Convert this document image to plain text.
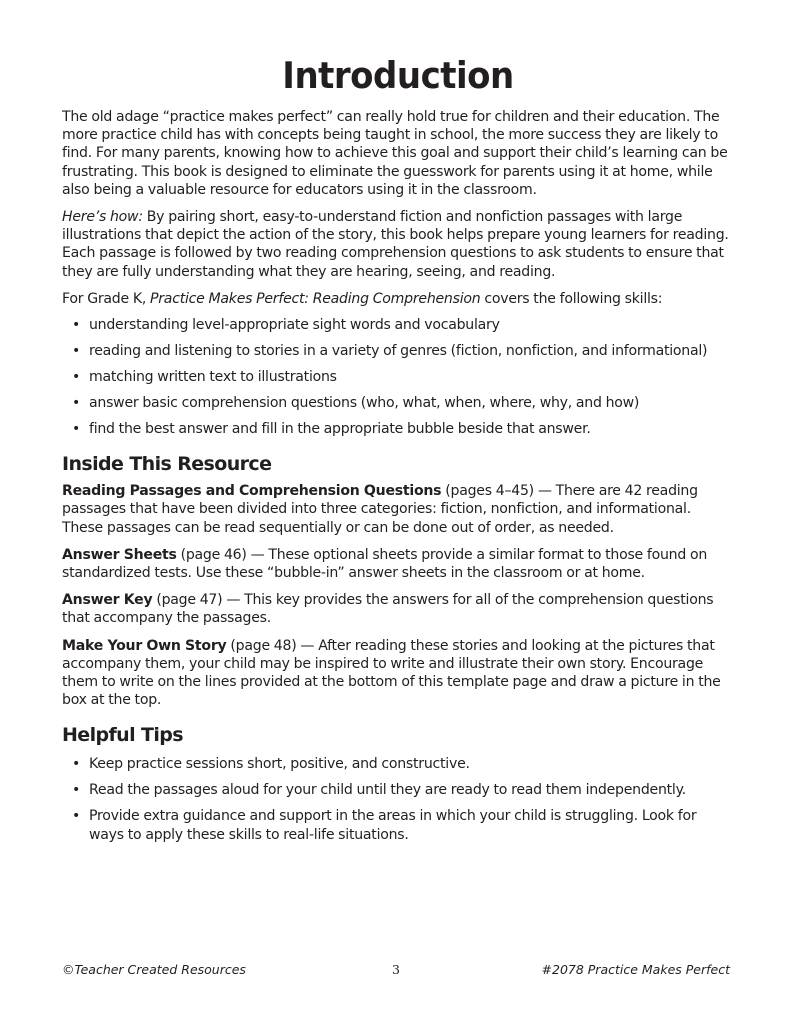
Introduction

The old adage “practice makes perfect” can really hold true for children and their education. The more practice child has with concepts being taught in school, the more success they are likely to find. For many parents, knowing how to achieve this goal and support their child’s learning can be frustrating. This book is designed to eliminate the guesswork for parents using it at home, while also being a valuable resource for educators using it in the classroom.

Here’s how: By pairing short, easy-to-understand fiction and nonfiction passages with large illustrations that depict the action of the story, this book helps prepare young learners for reading. Each passage is followed by two reading comprehension questions to ask students to ensure that they are fully understanding what they are hearing, seeing, and reading.

For Grade K, Practice Makes Perfect: Reading Comprehension covers the following skills:

• understanding level-appropriate sight words and vocabulary
• reading and listening to stories in a variety of genres (fiction, nonfiction, and informational)
• matching written text to illustrations
• answer basic comprehension questions (who, what, when, where, why, and how)
• find the best answer and fill in the appropriate bubble beside that answer.
Inside This Resource

Reading Passages and Comprehension Questions (pages 4–45) — There are 42 reading passages that have been divided into three categories: fiction, nonfiction, and informational. These passages can be read sequentially or can be done out of order, as needed.

Answer Sheets (page 46) — These optional sheets provide a similar format to those found on standardized tests. Use these “bubble-in” answer sheets in the classroom or at home.

Answer Key (page 47) — This key provides the answers for all of the comprehension questions that accompany the passages.

Make Your Own Story (page 48) — After reading these stories and looking at the pictures that accompany them, your child may be inspired to write and illustrate their own story. Encourage them to write on the lines provided at the bottom of this template page and draw a picture in the box at the top.

Helpful Tips
• Keep practice sessions short, positive, and constructive.
• Read the passages aloud for your child until they are ready to read them independently.
• Provide extra guidance and support in the areas in which your child is struggling. Look for ways to apply these skills to real-life situations.
©Teacher Created Resources	3	#2078 Practice Makes Perfect
